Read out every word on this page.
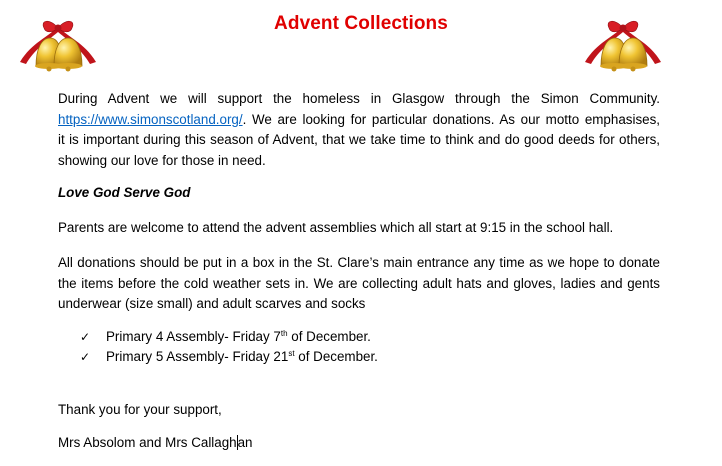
Advent Collections
During Advent we will support the homeless in Glasgow through the Simon Community.
https://www.simonscotland.org/. We are looking for particular donations. As our motto emphasises,
it is important during this season of Advent, that we take time to think and do good deeds for others,
showing our love for those in need.
Love God Serve God
Parents are welcome to attend the advent assemblies which all start at 9:15 in the school hall.
All donations should be put in a box in the St. Clare’s main entrance any time as we hope to donate
the items before the cold weather sets in. We are collecting adult hats and gloves, ladies and gents
underwear (size small) and adult scarves and socks
✓	Primary 4 Assembly- Friday 7th of December.
✓	Primary 5 Assembly- Friday 21st of December.
Thank you for your support,
Mrs Absolom and Mrs Callaghan
